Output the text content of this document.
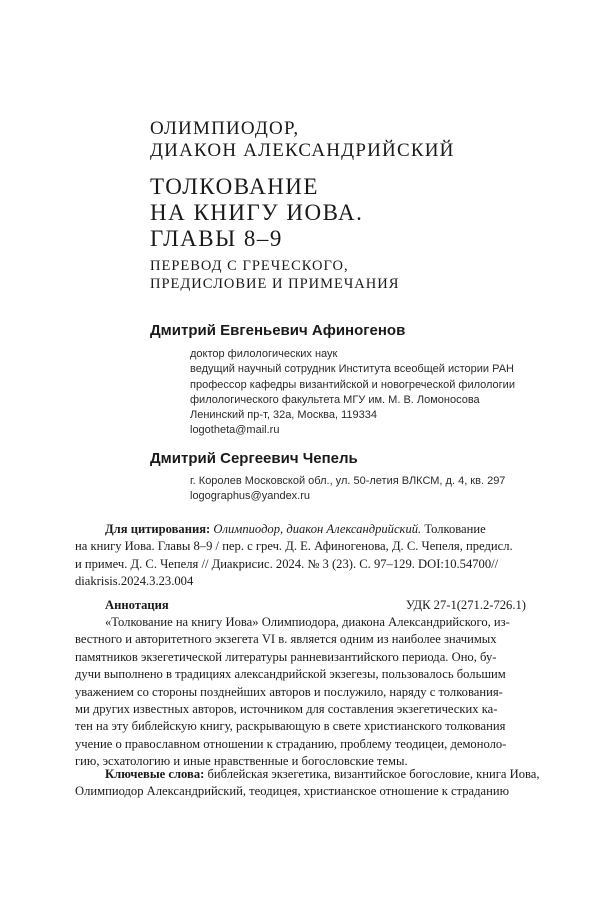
ОЛИМПИОДОР,
ДИАКОН АЛЕКСАНДРИЙСКИЙ
ТОЛКОВАНИЕ
НА КНИГУ ИОВА.
ГЛАВЫ 8–9
ПЕРЕВОД С ГРЕЧЕСКОГО,
ПРЕДИСЛОВИЕ И ПРИМЕЧАНИЯ
Дмитрий Евгеньевич Афиногенов
доктор филологических наук
ведущий научный сотрудник Института всеобщей истории РАН
профессор кафедры византийской и новогреческой филологии
филологического факультета МГУ им. М. В. Ломоносова
Ленинский пр-т, 32а, Москва, 119334
logotheta@mail.ru
Дмитрий Сергеевич Чепель
г. Королев Московской обл., ул. 50-летия ВЛКСМ, д. 4, кв. 297
logographus@yandex.ru
Для цитирования: Олимпиодор, диакон Александрийский. Толкование
на книгу Иова. Главы 8–9 / пер. с греч. Д. Е. Афиногенова, Д. С. Чепеля, предисл.
и примеч. Д. С. Чепеля // Диакрисис. 2024. № 3 (23). С. 97–129. DOI:10.54700//
diakrisis.2024.3.23.004
Аннотация	УДК 27-1(271.2-726.1)
«Толкование на книгу Иова» Олимпиодора, диакона Александрийского, из-
вестного и авторитетного экзегета VI в. является одним из наиболее значимых
памятников экзегетической литературы ранневизантийского периода. Оно, бу-
дучи выполнено в традициях александрийской экзегезы, пользовалось большим
уважением со стороны позднейших авторов и послужило, наряду с толкования-
ми других известных авторов, источником для составления экзегетических ка-
тен на эту библейскую книгу, раскрывающую в свете христианского толкования
учение о православном отношении к страданию, проблему теодицеи, демоноло-
гию, эсхатологию и иные нравственные и богословские темы.
Ключевые слова: библейская экзегетика, византийское богословие, книга Иова,
Олимпиодор Александрийский, теодицея, христианское отношение к страданию
